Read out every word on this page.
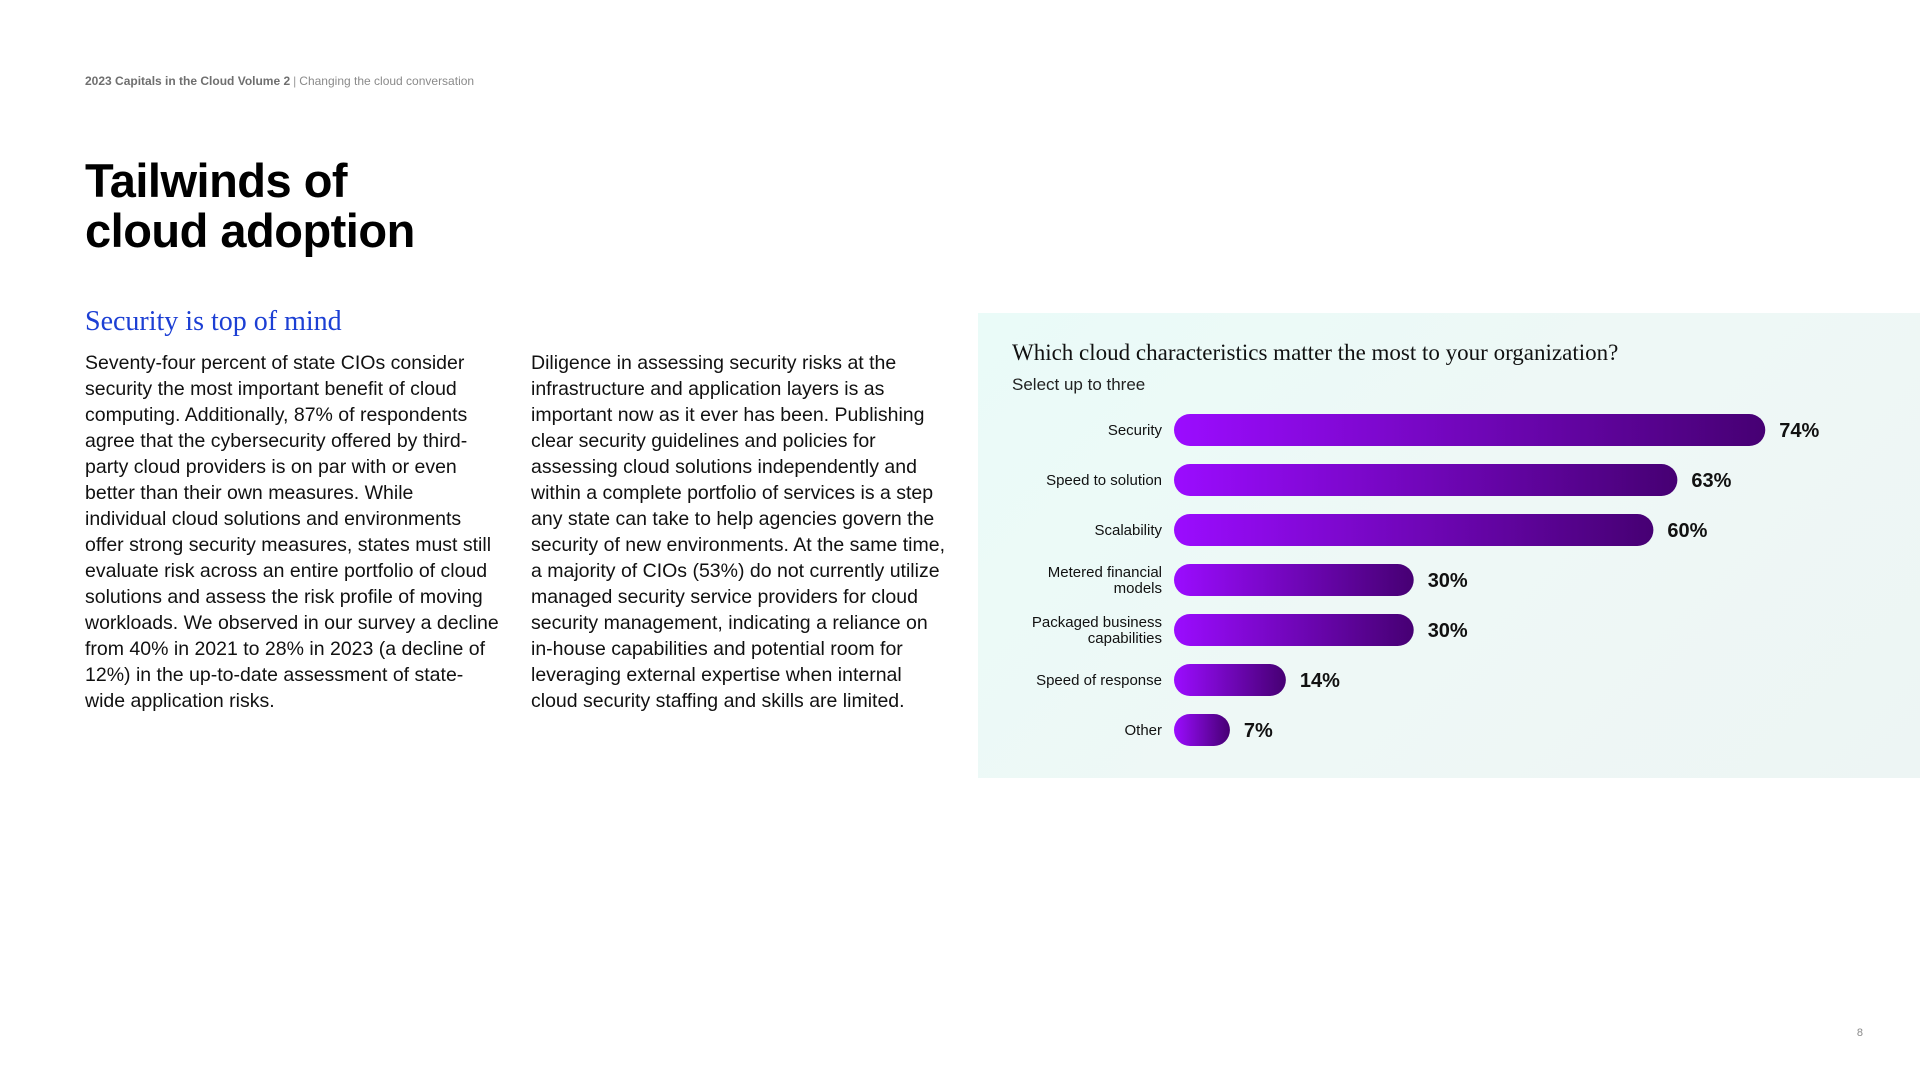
2023 Capitals in the Cloud Volume 2 | Changing the cloud conversation
Tailwinds of
cloud adoption
Security is top of mind

Seventy-four percent of state CIOs consider security the most important benefit of cloud computing. Additionally, 87% of respondents agree that the cybersecurity offered by third-party cloud providers is on par with or even better than their own measures. While individual cloud solutions and environments offer strong security measures, states must still evaluate risk across an entire portfolio of cloud solutions and assess the risk profile of moving workloads. We observed in our survey a decline from 40% in 2021 to 28% in 2023 (a decline of 12%) in the up-to-date assessment of state-wide application risks.

Diligence in assessing security risks at the infrastructure and application layers is as important now as it ever has been. Publishing clear security guidelines and policies for assessing cloud solutions independently and within a complete portfolio of services is a step any state can take to help agencies govern the security of new environments. At the same time, a majority of CIOs (53%) do not currently utilize managed security service providers for cloud security management, indicating a reliance on in-house capabilities and potential room for leveraging external expertise when internal cloud security staffing and skills are limited.

Which cloud characteristics matter the most to your organization?
Select up to three
Security	74%
Speed to solution	63%
Scalability	60%
Metered financial models	30%
Packaged business capabilities	30%
Speed of response	14%
Other	7%
8
